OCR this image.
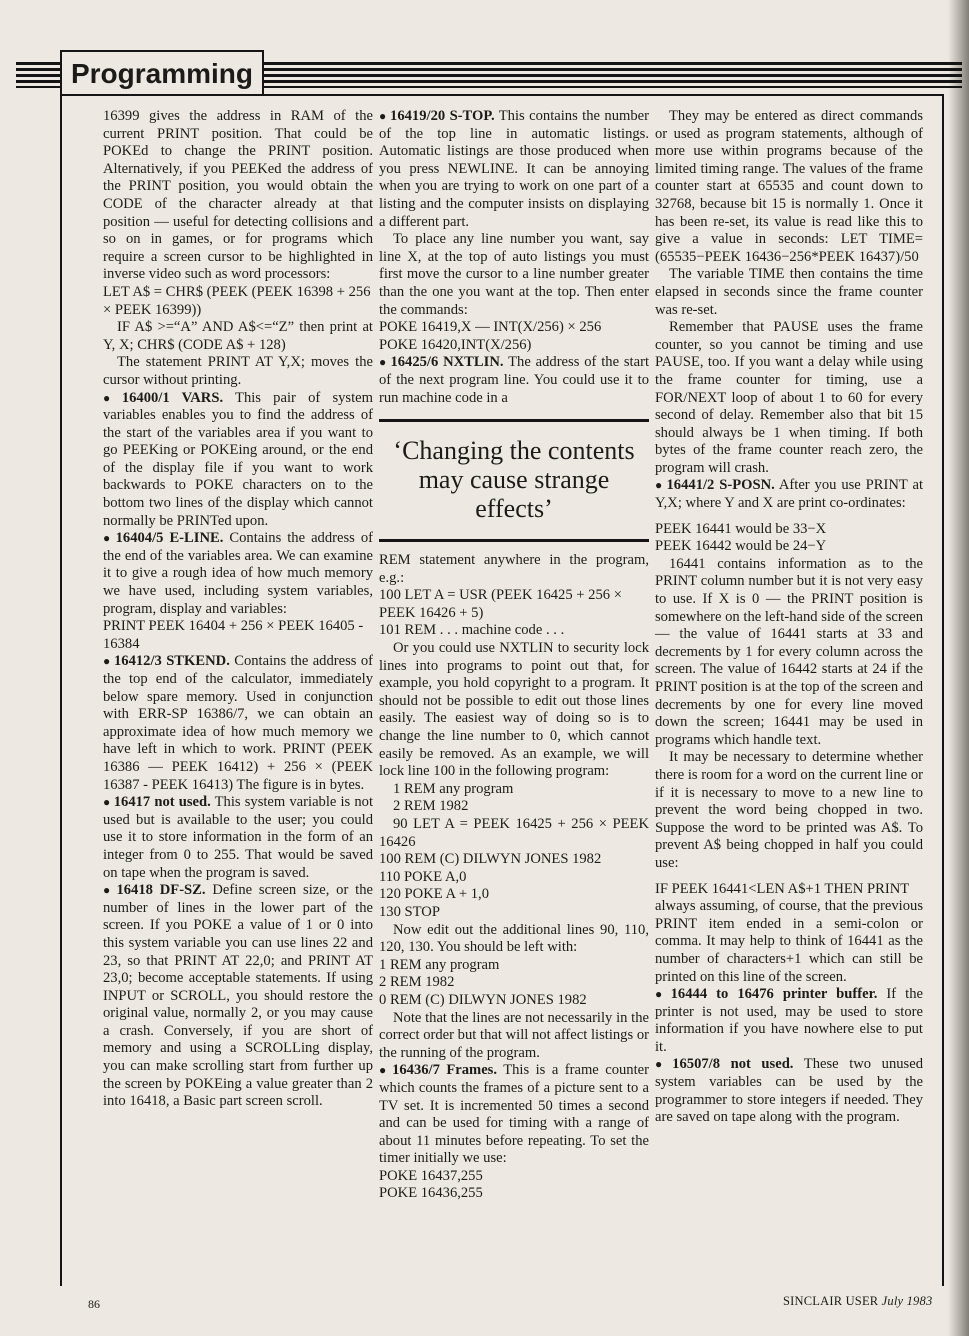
Programming

16399 gives the address in RAM of the current PRINT position. That could be POKEd to change the PRINT position. Alternatively, if you PEEKed the address of the PRINT position, you would obtain the CODE of the character already at that position — useful for detecting collisions and so on in games, or for programs which require a screen cursor to be highlighted in inverse video such as word processors:

LET A$ = CHR$ (PEEK (PEEK 16398 + 256 × PEEK 16399))

IF A$ >=“A” AND A$<=“Z” then print at Y, X; CHR$ (CODE A$ + 128)

The statement PRINT AT Y,X; moves the cursor without printing.

● 16400/1 VARS. This pair of system variables enables you to find the address of the start of the variables area if you want to go PEEKing or POKEing around, or the end of the display file if you want to work backwards to POKE characters on to the bottom two lines of the display which cannot normally be PRINTed upon.

● 16404/5 E-LINE. Contains the address of the end of the variables area. We can examine it to give a rough idea of how much memory we have used, including system variables, program, display and variables:

PRINT PEEK 16404 + 256 × PEEK 16405 - 16384

● 16412/3 STKEND. Contains the address of the top end of the calculator, immediately below spare memory. Used in conjunction with ERR-SP 16386/7, we can obtain an approximate idea of how much memory we have left in which to work. PRINT (PEEK 16386 — PEEK 16412) + 256 × (PEEK 16387 - PEEK 16413) The figure is in bytes.

● 16417 not used. This system variable is not used but is available to the user; you could use it to store information in the form of an integer from 0 to 255. That would be saved on tape when the program is saved.

● 16418 DF-SZ. Define screen size, or the number of lines in the lower part of the screen. If you POKE a value of 1 or 0 into this system variable you can use lines 22 and 23, so that PRINT AT 22,0; and PRINT AT 23,0; become acceptable statements. If using INPUT or SCROLL, you should restore the original value, normally 2, or you may cause a crash. Conversely, if you are short of memory and using a SCROLLing display, you can make scrolling start from further up the screen by POKEing a value greater than 2 into 16418, a Basic part screen scroll.

● 16419/20 S-TOP. This contains the number of the top line in automatic listings. Automatic listings are those produced when you press NEWLINE. It can be annoying when you are trying to work on one part of a listing and the computer insists on displaying a different part.

To place any line number you want, say line X, at the top of auto listings you must first move the cursor to a line number greater than the one you want at the top. Then enter the commands:

POKE 16419,X — INT(X/256) × 256

POKE 16420,INT(X/256)

● 16425/6 NXTLIN. The address of the start of the next program line. You could use it to run machine code in a

‘Changing the contents may cause strange effects’

REM statement anywhere in the program, e.g.:

100 LET A = USR (PEEK 16425 + 256 × PEEK 16426 + 5)

101 REM . . . machine code . . .

Or you could use NXTLIN to security lock lines into programs to point out that, for example, you hold copyright to a program. It should not be possible to edit out those lines easily. The easiest way of doing so is to change the line number to 0, which cannot easily be removed. As an example, we will lock line 100 in the following program:

1 REM any program

2 REM 1982

90 LET A = PEEK 16425 + 256 × PEEK 16426

100 REM (C) DILWYN JONES 1982

110 POKE A,0

120 POKE A + 1,0

130 STOP

Now edit out the additional lines 90, 110, 120, 130. You should be left with:

1 REM any program

2 REM 1982

0 REM (C) DILWYN JONES 1982

Note that the lines are not necessarily in the correct order but that will not affect listings or the running of the program.

● 16436/7 Frames. This is a frame counter which counts the frames of a picture sent to a TV set. It is incremented 50 times a second and can be used for timing with a range of about 11 minutes before repeating. To set the timer initially we use:

POKE 16437,255

POKE 16436,255

They may be entered as direct commands or used as program statements, although of more use within programs because of the limited timing range. The values of the frame counter start at 65535 and count down to 32768, because bit 15 is normally 1. Once it has been re-set, its value is read like this to give a value in seconds: LET TIME=(65535−PEEK 16436−256*PEEK 16437)/50

The variable TIME then contains the time elapsed in seconds since the frame counter was re-set.

Remember that PAUSE uses the frame counter, so you cannot be timing and use PAUSE, too. If you want a delay while using the frame counter for timing, use a FOR/NEXT loop of about 1 to 60 for every second of delay. Remember also that bit 15 should always be 1 when timing. If both bytes of the frame counter reach zero, the program will crash.

● 16441/2 S-POSN. After you use PRINT at Y,X; where Y and X are print co-ordinates:

PEEK 16441 would be 33−X

PEEK 16442 would be 24−Y

16441 contains information as to the PRINT column number but it is not very easy to use. If X is 0 — the PRINT position is somewhere on the left-hand side of the screen — the value of 16441 starts at 33 and decrements by 1 for every column across the screen. The value of 16442 starts at 24 if the PRINT position is at the top of the screen and decrements by one for every line moved down the screen; 16441 may be used in programs which handle text.

It may be necessary to determine whether there is room for a word on the current line or if it is necessary to move to a new line to prevent the word being chopped in two. Suppose the word to be printed was A$. To prevent A$ being chopped in half you could use:

IF PEEK 16441<LEN A$+1 THEN PRINT

always assuming, of course, that the previous PRINT item ended in a semi-colon or comma. It may help to think of 16441 as the number of characters+1 which can still be printed on this line of the screen.

● 16444 to 16476 printer buffer. If the printer is not used, may be used to store information if you have nowhere else to put it.

● 16507/8 not used. These two unused system variables can be used by the programmer to store integers if needed. They are saved on tape along with the program.

86	SINCLAIR USER July 1983
